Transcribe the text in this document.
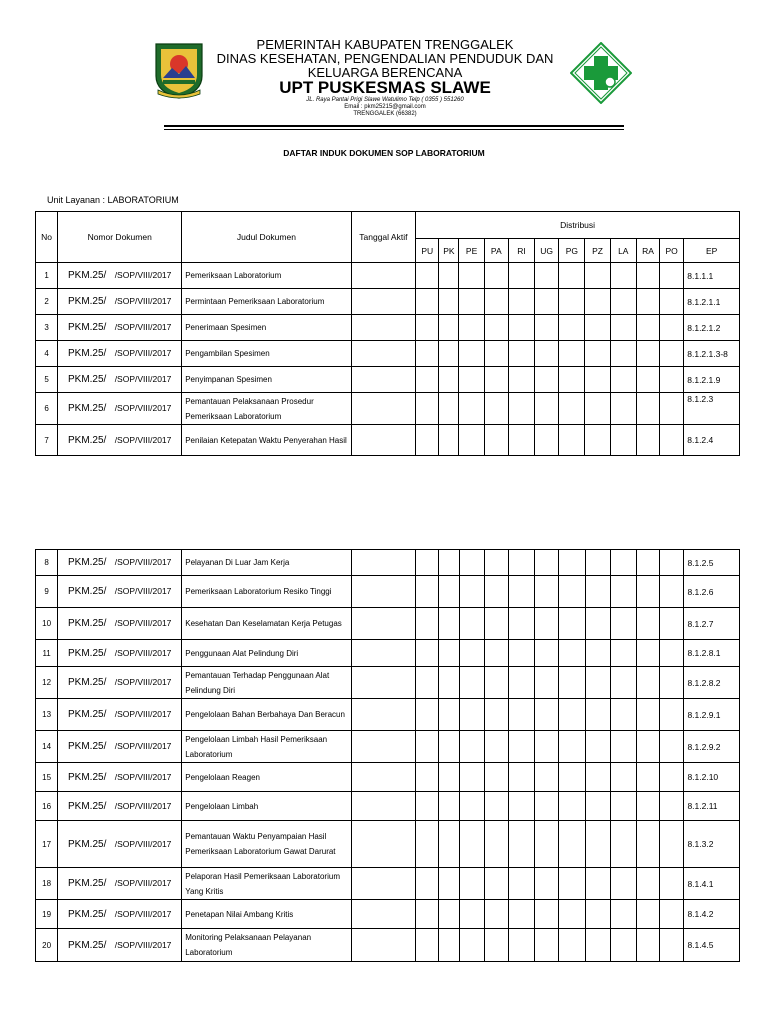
PEMERINTAH KABUPATEN TRENGGALEK
DINAS KESEHATAN, PENGENDALIAN PENDUDUK DAN
KELUARGA BERENCANA
UPT PUSKESMAS SLAWE
JL. Raya Pantai Prigi Slawe Watulimo Telp ( 0355 ) 551260
Email : pkm25215@gmail.com
TRENGGALEK (66382)
DAFTAR INDUK DOKUMEN SOP LABORATORIUM
Unit Layanan : LABORATORIUM
No	Nomor Dokumen	Judul Dokumen	Tanggal Aktif	Distribusi											
				PU	PK	PE	PA	RI	UG	PG	PZ	LA	RA	PO	EP
1	PKM.25/ /SOP/VIII/2017	Pemeriksaan Laboratorium													8.1.1.1
2	PKM.25/ /SOP/VIII/2017	Permintaan Pemeriksaan Laboratorium													8.1.2.1.1
3	PKM.25/ /SOP/VIII/2017	Penerimaan Spesimen													8.1.2.1.2
4	PKM.25/ /SOP/VIII/2017	Pengambilan Spesimen													8.1.2.1.3-8
5	PKM.25/ /SOP/VIII/2017	Penyimpanan Spesimen													8.1.2.1.9
6	PKM.25/ /SOP/VIII/2017	Pemantauan Pelaksanaan Prosedur Pemeriksaan Laboratorium													8.1.2.3
7	PKM.25/ /SOP/VIII/2017	Penilaian Ketepatan Waktu Penyerahan Hasil													8.1.2.4
8	PKM.25/ /SOP/VIII/2017	Pelayanan Di Luar Jam Kerja													8.1.2.5
9	PKM.25/ /SOP/VIII/2017	Pemeriksaan Laboratorium Resiko Tinggi													8.1.2.6
10	PKM.25/ /SOP/VIII/2017	Kesehatan Dan Keselamatan Kerja Petugas													8.1.2.7
11	PKM.25/ /SOP/VIII/2017	Penggunaan Alat Pelindung Diri													8.1.2.8.1
12	PKM.25/ /SOP/VIII/2017	Pemantauan Terhadap Penggunaan Alat Pelindung Diri													8.1.2.8.2
13	PKM.25/ /SOP/VIII/2017	Pengelolaan Bahan Berbahaya Dan Beracun													8.1.2.9.1
14	PKM.25/ /SOP/VIII/2017	Pengelolaan Limbah Hasil Pemeriksaan Laboratorium													8.1.2.9.2
15	PKM.25/ /SOP/VIII/2017	Pengelolaan Reagen													8.1.2.10
16	PKM.25/ /SOP/VIII/2017	Pengelolaan Limbah													8.1.2.11
17	PKM.25/ /SOP/VIII/2017	Pemantauan Waktu Penyampaian Hasil Pemeriksaan Laboratorium Gawat Darurat													8.1.3.2
18	PKM.25/ /SOP/VIII/2017	Pelaporan Hasil Pemeriksaan Laboratorium Yang Kritis													8.1.4.1
19	PKM.25/ /SOP/VIII/2017	Penetapan Nilai Ambang Kritis													8.1.4.2
20	PKM.25/ /SOP/VIII/2017	Monitoring Pelaksanaan Pelayanan Laboratorium													8.1.4.5
